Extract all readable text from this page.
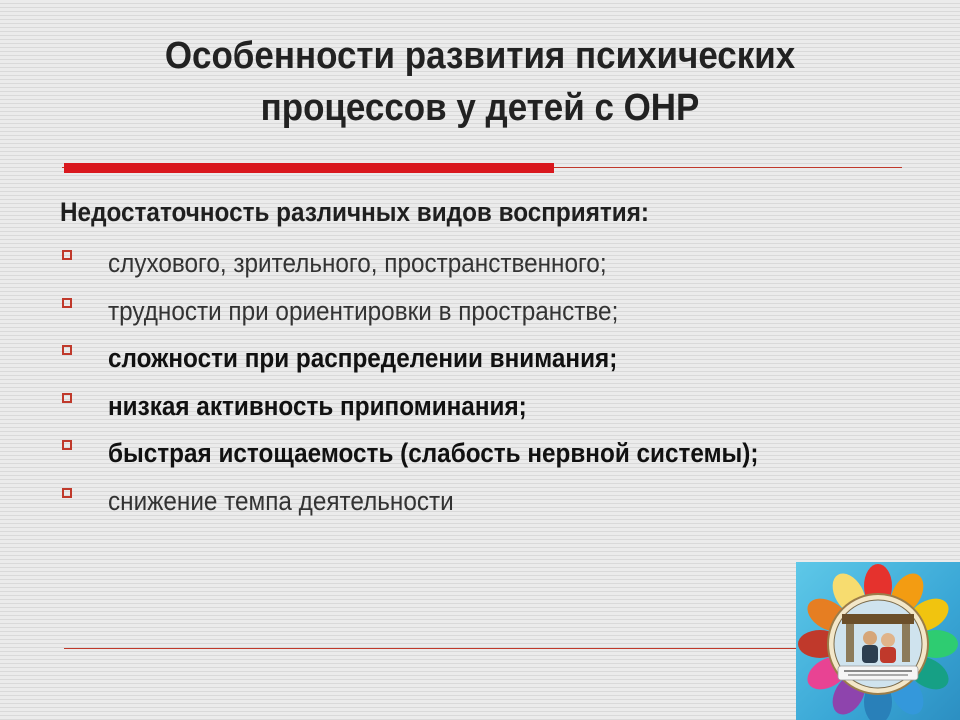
Особенности развития психических процессов у детей с ОНР
Недостаточность различных видов восприятия:
слухового, зрительного, пространственного;
трудности при ориентировки в пространстве;
сложности при распределении внимания;
низкая активность припоминания;
быстрая истощаемость (слабость нервной системы);
снижение темпа деятельности
